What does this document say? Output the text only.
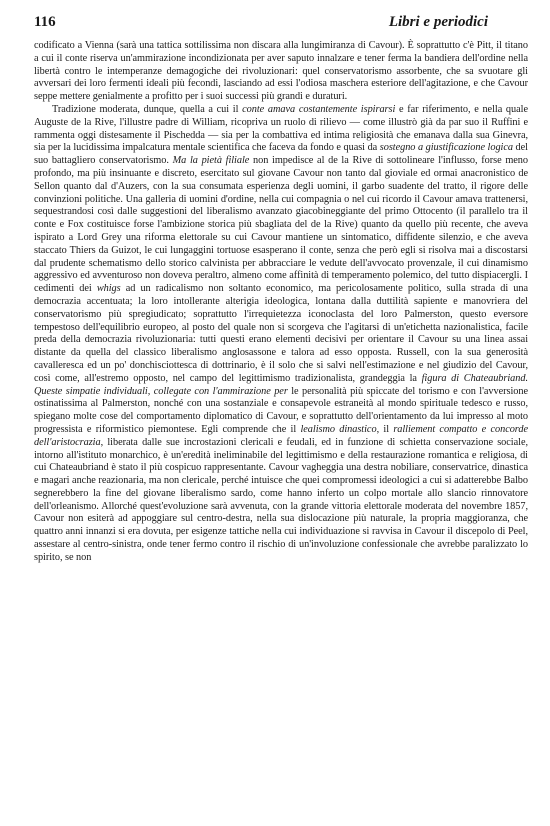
116	Libri e periodici

codificato a Vienna (sarà una tattica sottilissima non discara alla lungimiranza di Cavour). È soprattutto c'è Pitt, il titano a cui il conte riserva un'ammirazione incondizionata per aver saputo innalzare e tener ferma la bandiera dell'ordine nella libertà contro le intemperanze demagogiche dei rivoluzionari: quel conservatorismo assorbente, che sa svuotare gli avversari dei loro fermenti ideali più fecondi, lasciando ad essi l'odiosa maschera esteriore dell'agitazione, e che Cavour seppe mettere genialmente a profitto per i suoi successi più grandi e duraturi.

Tradizione moderata, dunque, quella a cui il conte amava costantemente ispirarsi e far riferimento, e nella quale Auguste de la Rive, l'illustre padre di William, ricopriva un ruolo di rilievo — come illustrò già da par suo il Ruffini e rammenta oggi distesamente il Pischedda — sia per la combattiva ed intima religiosità che emanava dalla sua Ginevra, sia per la lucidissima impalcatura mentale scientifica che faceva da fondo e quasi da sostegno a giustificazione logica del suo battagliero conservatorismo. Ma la pietà filiale non impedisce al de la Rive di sottolineare l'influsso, forse meno profondo, ma più insinuante e discreto, esercitato sul giovane Cavour non tanto dal gioviale ed ormai anacronistico de Sellon quanto dal d'Auzers, con la sua consumata esperienza degli uomini, il garbo suadente del tratto, il rigore delle convinzioni politiche. Una galleria di uomini d'ordine, nella cui compagnia o nel cui ricordo il Cavour amava trattenersi, sequestrandosi così dalle suggestioni del liberalismo avanzato giacobineggiante del primo Ottocento (il parallelo tra il conte e Fox costituisce forse l'ambizione storica più sbagliata del de la Rive) quanto da quello più recente, che aveva ispirato a Lord Grey una riforma elettorale su cui Cavour mantiene un sintomatico, diffidente silenzio, e che aveva staccato Thiers da Guizot, le cui lungaggini tortuose esasperano il conte, senza che però egli si risolva mai a discostarsi dal prudente schematismo dello storico calvinista per abbracciare le vedute dell'avvocato provenzale, il cui dinamismo aggressivo ed avventuroso non doveva peraltro, almeno come affinità di temperamento polemico, del tutto dispiacergli. I cedimenti dei whigs ad un radicalismo non soltanto economico, ma pericolosamente politico, sulla strada di una democrazia accentuata; la loro intollerante alterigia ideologica, lontana dalla duttilità sapiente e manovriera del conservatorismo più spregiudicato; soprattutto l'irrequietezza iconoclasta del loro Palmerston, questo eversore tempestoso dell'equilibrio europeo, al posto del quale non si scorgeva che l'agitarsi di un'etichetta nazionalistica, facile preda della democrazia rivoluzionaria: tutti questi erano elementi decisivi per orientare il Cavour su una linea assai distante da quella del classico liberalismo anglosassone e talora ad esso opposta. Russell, con la sua generosità cavalleresca ed un po' donchisciottesca di dottrinario, è il solo che si salvi nell'estimazione e nel giudizio del Cavour, così come, all'estremo opposto, nel campo del legittimismo tradizionalista, grandeggia la figura di Chateaubriand. Queste simpatie individuali, collegate con l'ammirazione per le personalità più spiccate del torismo e con l'avversione ostinatissima al Palmerston, nonché con una sostanziale e consapevole estraneità al mondo spirituale tedesco e russo, spiegano molte cose del comportamento diplomatico di Cavour, e soprattutto dell'orientamento da lui impresso al moto progressista e riformistico piemontese. Egli comprende che il lealismo dinastico, il ralliement compatto e concorde dell'aristocrazia, liberata dalle sue incrostazioni clericali e feudali, ed in funzione di schietta conservazione sociale, intorno all'istituto monarchico, è un'eredità ineliminabile del legittimismo e della restaurazione romantica e religiosa, di cui Chateaubriand è stato il più cospicuo rappresentante. Cavour vagheggia una destra nobiliare, conservatrice, dinastica e magari anche reazionaria, ma non clericale, perché intuisce che quei compromessi ideologici a cui si adatterebbe Balbo segnerebbero la fine del giovane liberalismo sardo, come hanno inferto un colpo mortale allo slancio rinnovatore dell'orleanismo. Allorché quest'evoluzione sarà avvenuta, con la grande vittoria elettorale moderata del novembre 1857, Cavour non esiterà ad appoggiare sul centro-destra, nella sua dislocazione più naturale, la propria maggioranza, che quattro anni innanzi si era dovuta, per esigenze tattiche nella cui individuazione si ravvisa in Cavour il discepolo di Peel, assestare al centro-sinistra, onde tener fermo contro il rischio di un'involuzione confessionale che avrebbe paralizzato lo spirito, se non
